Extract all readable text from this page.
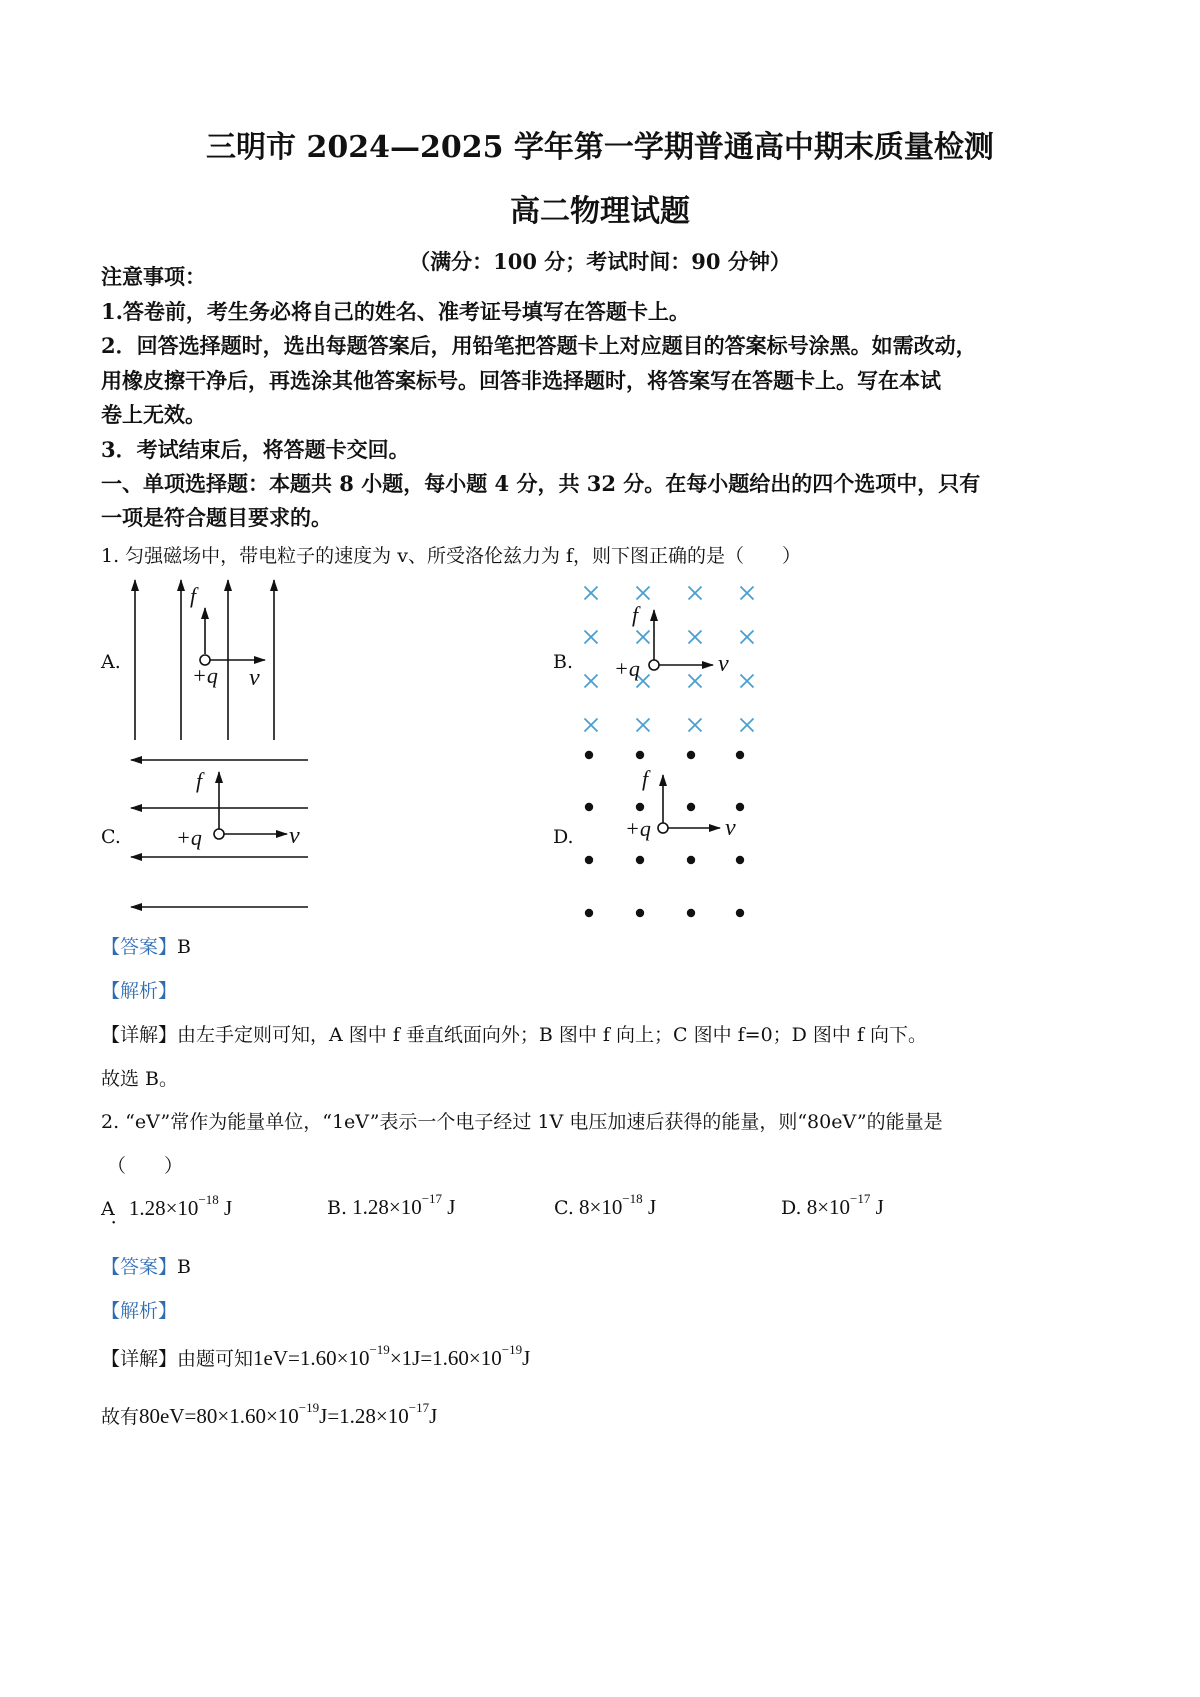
三明市 2024—2025 学年第一学期普通高中期末质量检测
高二物理试题
（满分：100 分；考试时间：90 分钟）
注意事项：
1.答卷前，考生务必将自己的姓名、准考证号填写在答题卡上。
2．回答选择题时，选出每题答案后，用铅笔把答题卡上对应题目的答案标号涂黑。如需改动，
用橡皮擦干净后，再选涂其他答案标号。回答非选择题时，将答案写在答题卡上。写在本试
卷上无效。
3．考试结束后，将答题卡交回。
一、单项选择题：本题共 8 小题，每小题 4 分，共 32 分。在每小题给出的四个选项中，只有
一项是符合题目要求的。
1. 匀强磁场中，带电粒子的速度为 v、所受洛伦兹力为 f，则下图正确的是（　　）
A.	B.
C.	D.
f
+q v
f
+q	v
f
+q	v
f
+q	v
【答案】B
【解析】
【详解】由左手定则可知，A 图中 f 垂直纸面向外；B 图中 f 向上；C 图中 f=0；D 图中 f 向下。
故选 B。
2. “eV”常作为能量单位，“1eV”表示一个电子经过 1V 电压加速后获得的能量，则“80eV”的能量是
（　　）
A． $1.28\times 10^{-18}$ J	B. $1.28\times 10^{-17}$ J	C. $8\times 10^{-18}$ J	D. $8\times 10^{-17}$ J
【答案】B
【解析】
【详解】由题可知$1eV=1.60\times 10^{-19}\times 1J=1.60\times 10^{-19}J$
故有$80eV=80\times 1.60\times 10^{-19}J=1.28\times 10^{-17}J$
